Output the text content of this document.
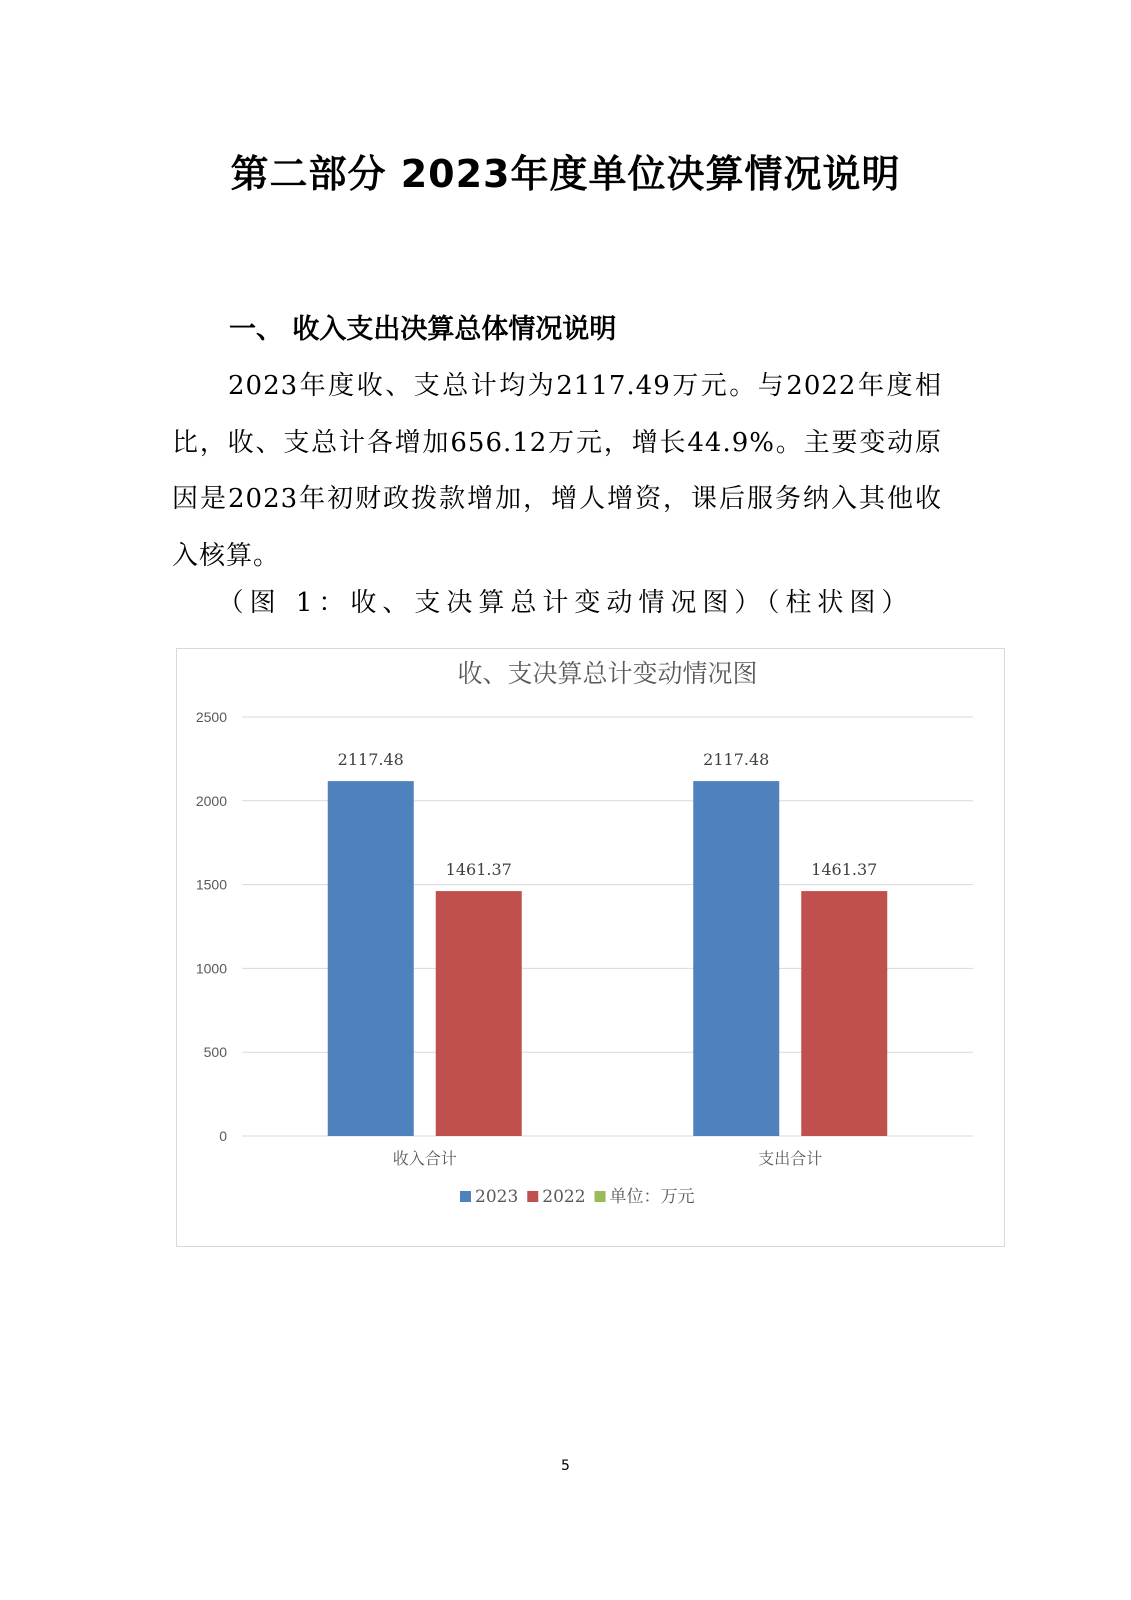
第二部分 2023年度单位决算情况说明
一、 收入支出决算总体情况说明

2023年度收、支总计均为2117.49万元。与2022年度相比，收、支总计各增加656.12万元，增长44.9%。主要变动原因是2023年初财政拨款增加，增人增资，课后服务纳入其他收入核算。

（图 1：收、支决算总计变动情况图）（柱状图）

收、支决算总计变动情况图
0
500
1000
1500
2000
2500
2117.48
1461.37
收入合计
2117.48
1461.37
支出合计
2023 2022 单位：万元
5
